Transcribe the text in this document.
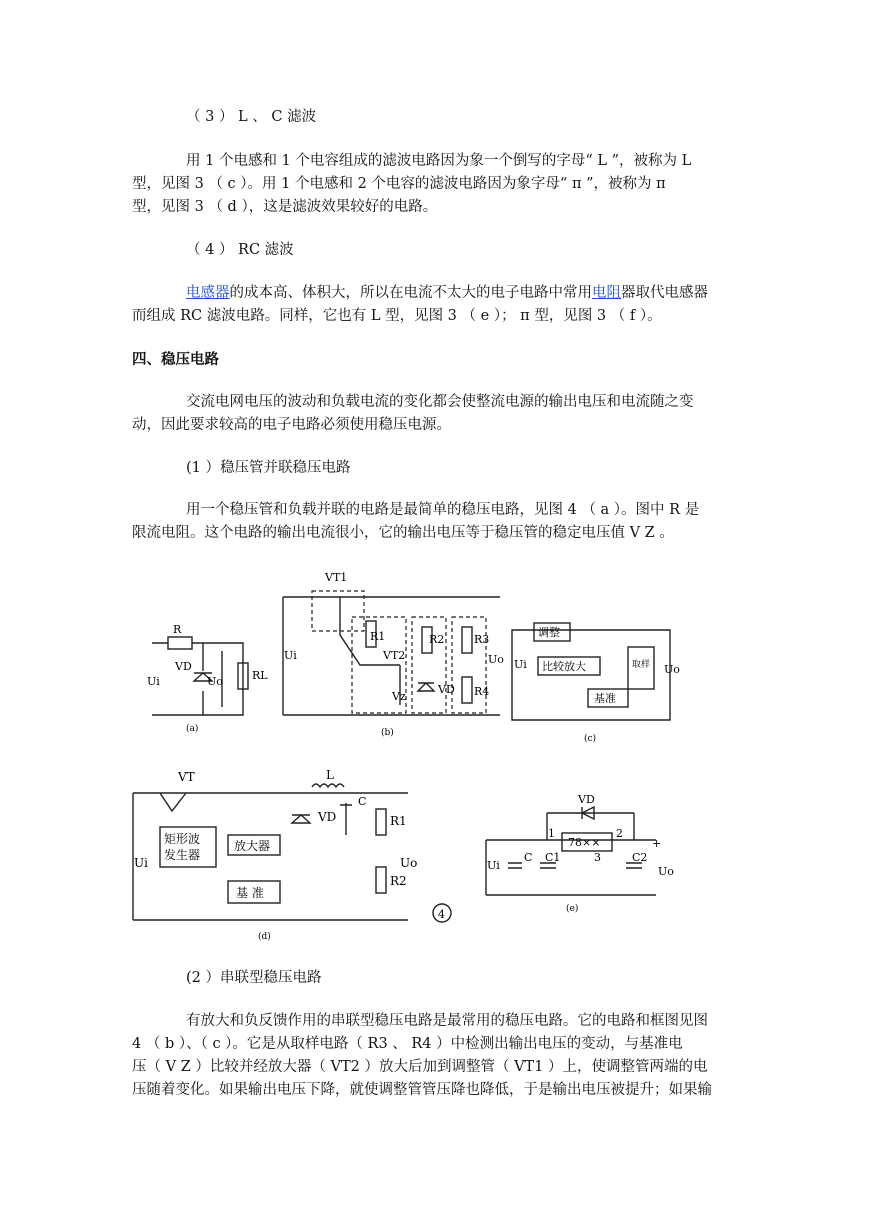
（ 3 ） L 、 C 滤波
用 1 个电感和 1 个电容组成的滤波电路因为象一个倒写的字母“ L ”，被称为 L
型，见图 3 （ c ）。用 1 个电感和 2 个电容的滤波电路因为象字母“ π ”，被称为 π
型，见图 3 （ d ），这是滤波效果较好的电路。
（ 4 ） RC 滤波
电感器的成本高、体积大，所以在电流不太大的电子电路中常用电阻器取代电感器
而组成 RC 滤波电路。同样，它也有 L 型，见图 3 （ e ）； π 型，见图 3 （ f ）。
四、稳压电路
交流电网电压的波动和负载电流的变化都会使整流电源的输出电压和电流随之变
动，因此要求较高的电子电路必须使用稳压电源。
(1 ）稳压管并联稳压电路
用一个稳压管和负载并联的电路是最简单的稳压电路，见图 4 （ a ）。图中 R 是
限流电阻。这个电路的输出电流很小，它的输出电压等于稳压管的稳定电压值 V Z 。
R
VD
Ui	Uo	RL
(a)
VT1
R1
VT2
R2	R3
R4
VD
Vz
Ui	Uo
(b)
调整
比较放大	取样
基准
Ui	Uo
(c)
VT	L
C
VD	R1
R2
Ui	Uo
矩形波
发生器
放大器
基 准
4
(d)
VD
78××
1	2
3
Ui
C C1	C2
Uo
+
(e)
(2 ）串联型稳压电路
有放大和负反馈作用的串联型稳压电路是最常用的稳压电路。它的电路和框图见图
4 （ b ）、（ c ）。它是从取样电路（ R3 、 R4 ）中检测出输出电压的变动，与基准电
压（ V Z ）比较并经放大器（ VT2 ）放大后加到调整管（ VT1 ）上，使调整管两端的电
压随着变化。如果输出电压下降，就使调整管管压降也降低，于是输出电压被提升；如果输
